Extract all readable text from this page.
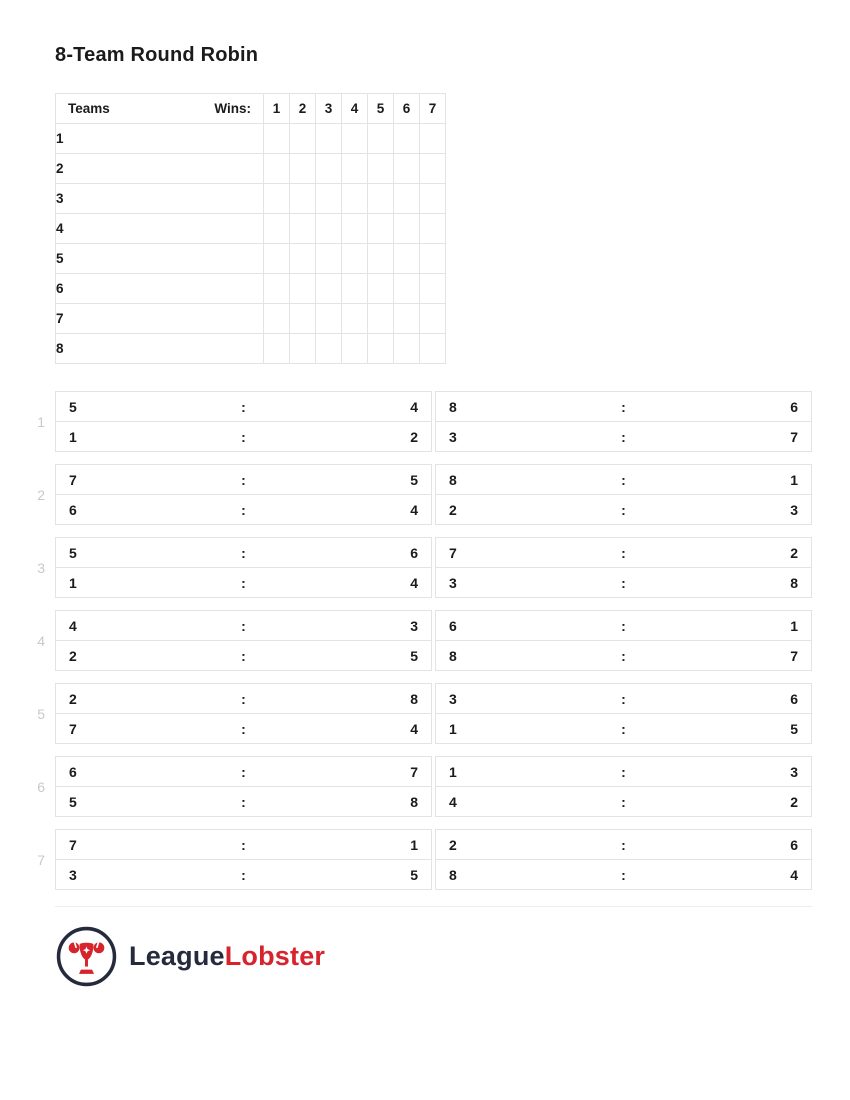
8-Team Round Robin
Teams Wins:	1	2	3	4	5	6	7
1							
2							
3							
4							
5							
6							
7							
8							
1
5	:	4
1	:	2
8	:	6
3	:	7
2
7	:	5
6	:	4
8	:	1
2	:	3
3
5	:	6
1	:	4
7	:	2
3	:	8
4
4	:	3
2	:	5
6	:	1
8	:	7
5
2	:	8
7	:	4
3	:	6
1	:	5
6
6	:	7
5	:	8
1	:	3
4	:	2
7
7	:	1
3	:	5
2	:	6
8	:	4
LeagueLobster
